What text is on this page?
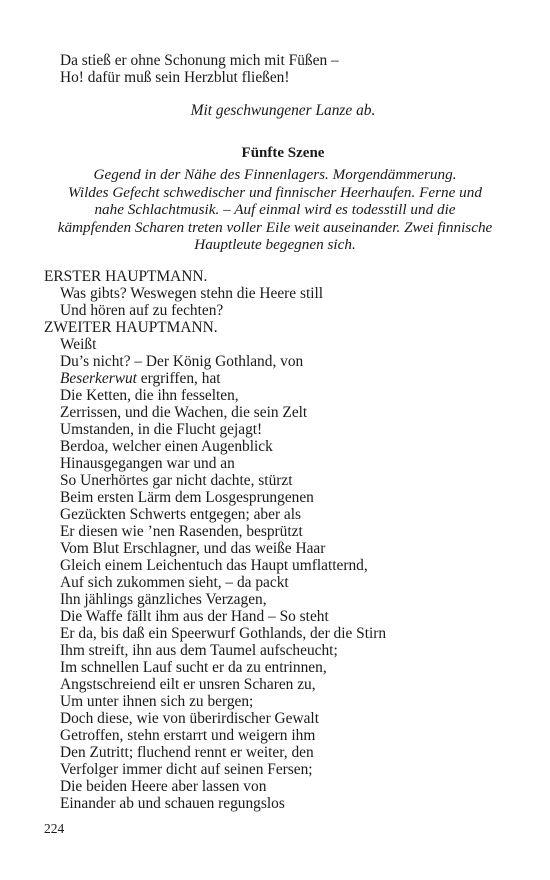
Da stieß er ohne Schonung mich mit Füßen –
Ho! dafür muß sein Herzblut fließen!
Mit geschwungener Lanze ab.
Fünfte Szene
Gegend in der Nähe des Finnenlagers. Morgendämmerung.
Wildes Gefecht schwedischer und finnischer Heerhaufen. Ferne und
nahe Schlachtmusik. – Auf einmal wird es todesstill und die
kämpfenden Scharen treten voller Eile weit auseinander. Zwei finnische
Hauptleute begegnen sich.
ERSTER HAUPTMANN.
Was gibts? Weswegen stehn die Heere still
Und hören auf zu fechten?
ZWEITER HAUPTMANN.
Weißt
Du’s nicht? – Der König Gothland, von
Beserkerwut ergriffen, hat
Die Ketten, die ihn fesselten,
Zerrissen, und die Wachen, die sein Zelt
Umstanden, in die Flucht gejagt!
Berdoa, welcher einen Augenblick
Hinausgegangen war und an
So Unerhörtes gar nicht dachte, stürzt
Beim ersten Lärm dem Losgesprungenen
Gezückten Schwerts entgegen; aber als
Er diesen wie ’nen Rasenden, besprützt
Vom Blut Erschlagner, und das weiße Haar
Gleich einem Leichentuch das Haupt umflatternd,
Auf sich zukommen sieht, – da packt
Ihn jählings gänzliches Verzagen,
Die Waffe fällt ihm aus der Hand – So steht
Er da, bis daß ein Speerwurf Gothlands, der die Stirn
Ihm streift, ihn aus dem Taumel aufscheucht;
Im schnellen Lauf sucht er da zu entrinnen,
Angstschreiend eilt er unsren Scharen zu,
Um unter ihnen sich zu bergen;
Doch diese, wie von überirdischer Gewalt
Getroffen, stehn erstarrt und weigern ihm
Den Zutritt; fluchend rennt er weiter, den
Verfolger immer dicht auf seinen Fersen;
Die beiden Heere aber lassen von
Einander ab und schauen regungslos
224
